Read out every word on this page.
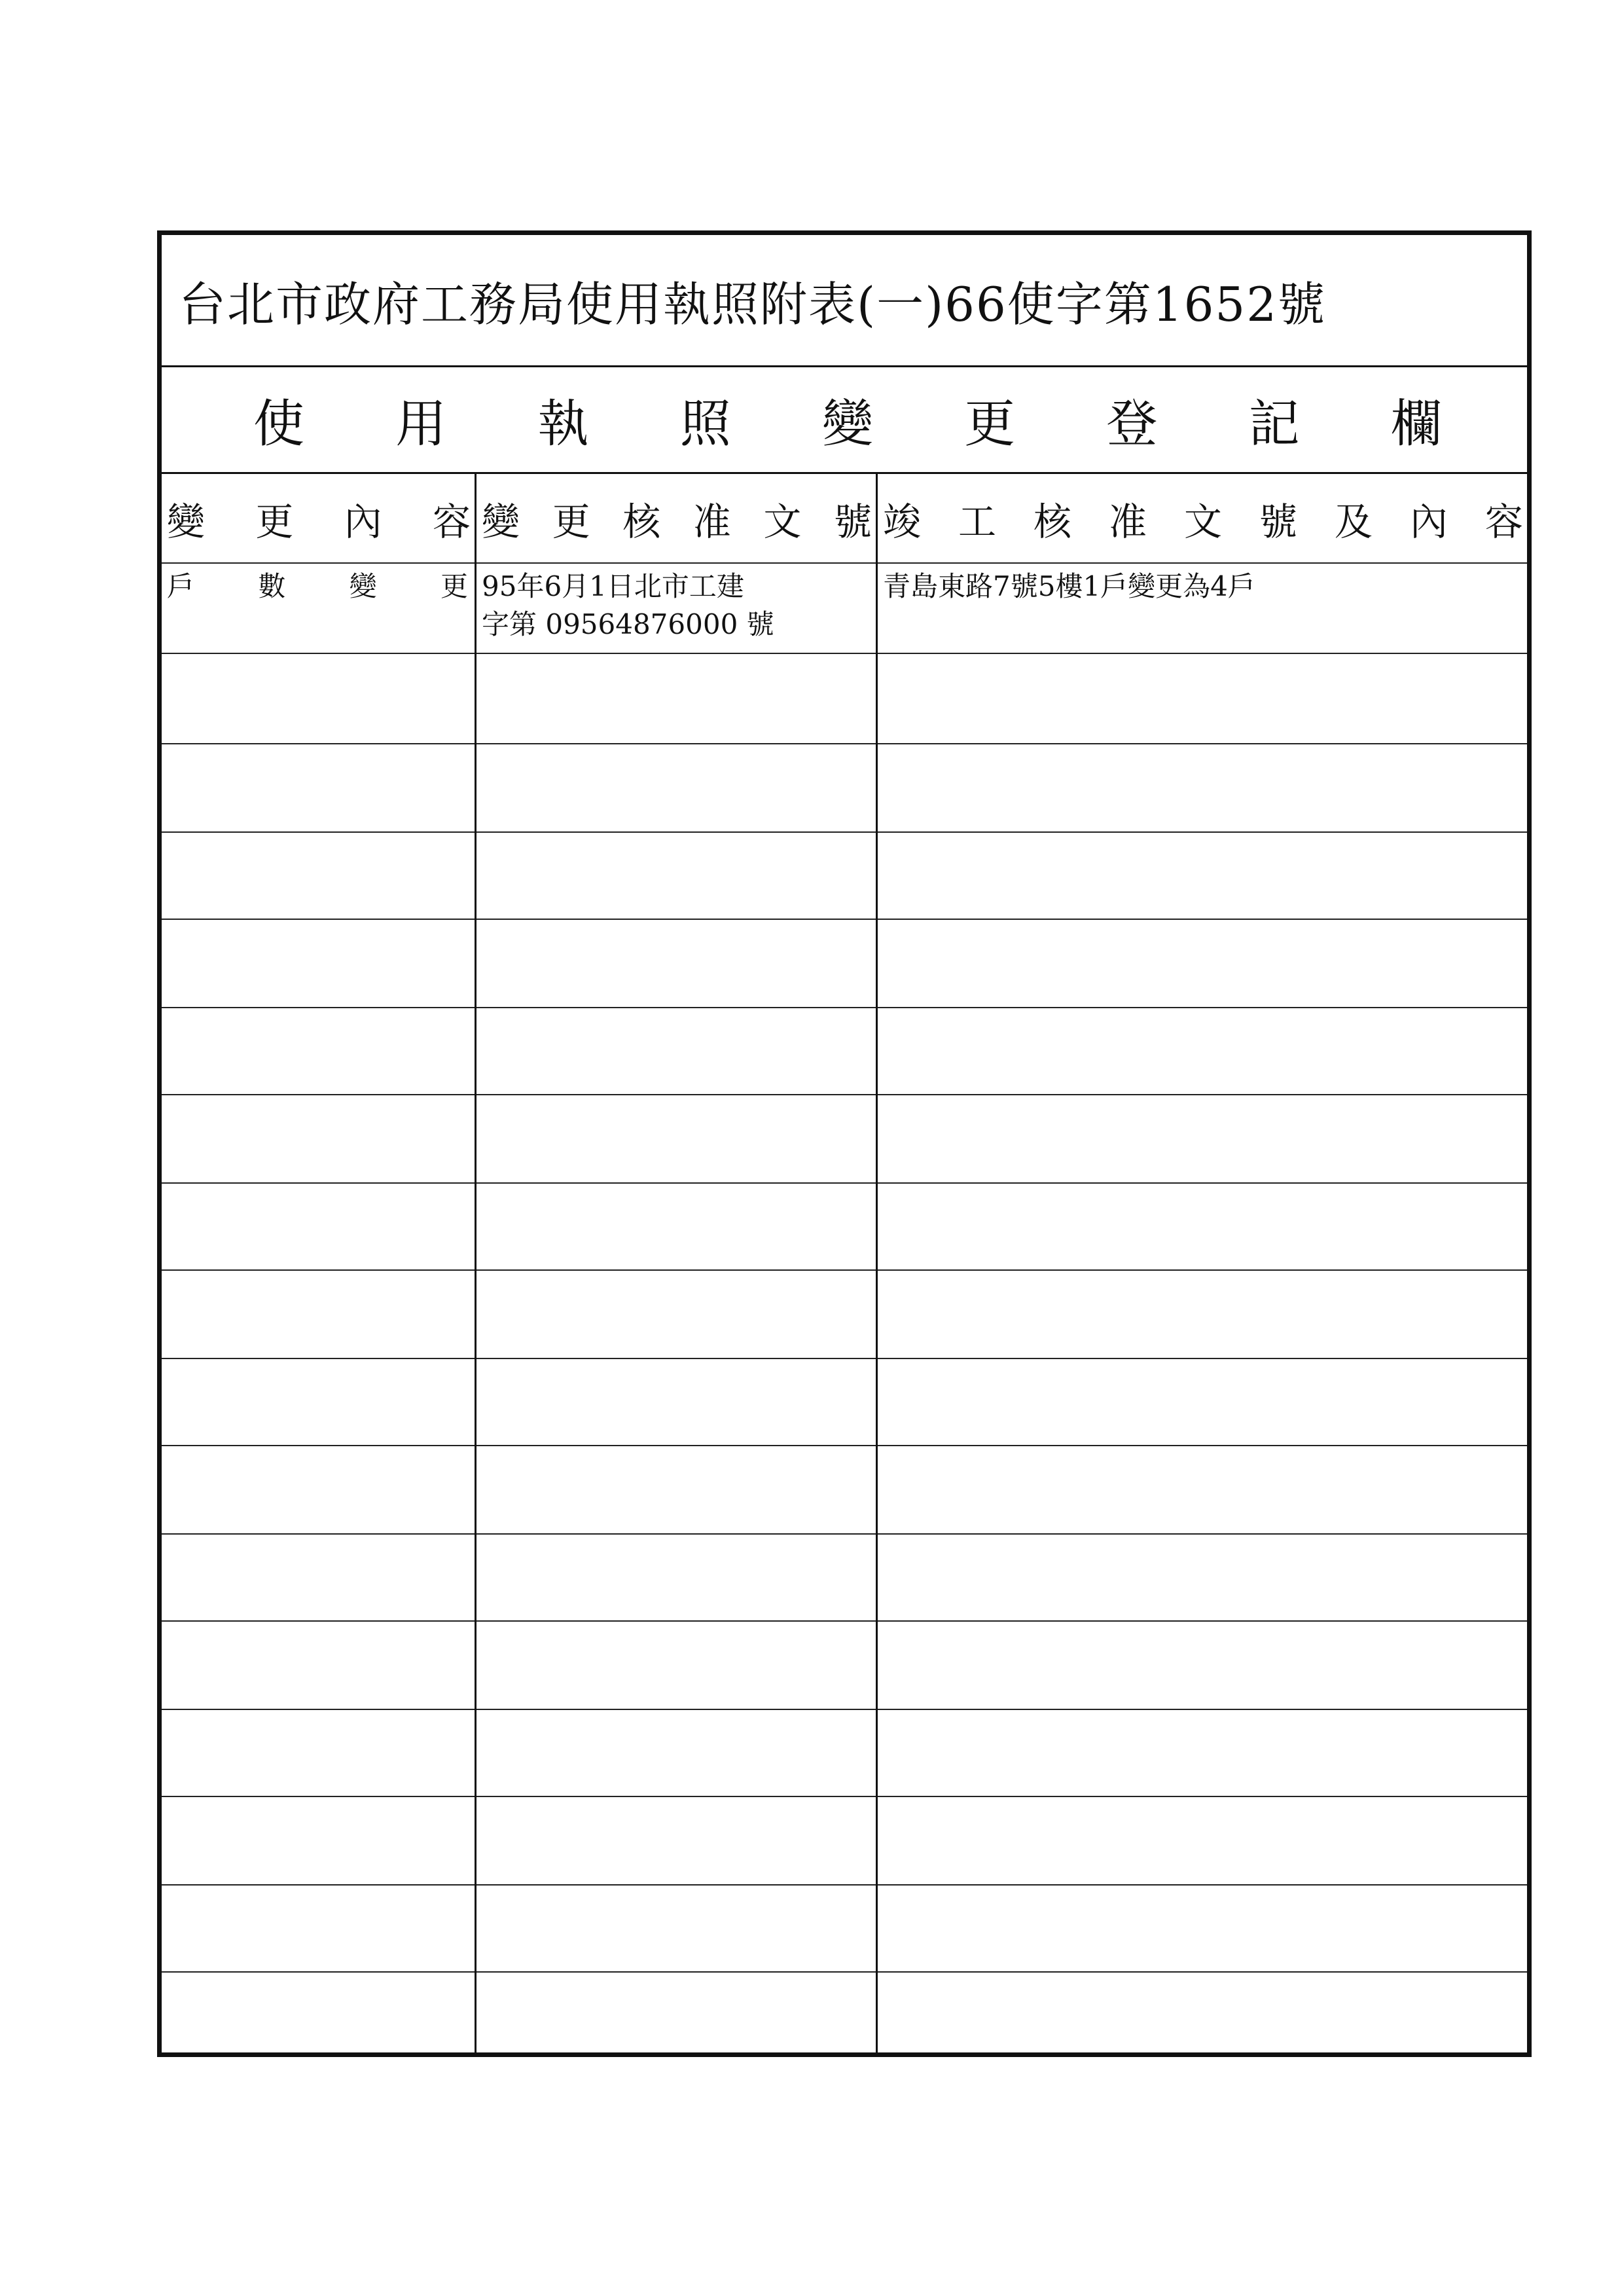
台北市政府工務局使用執照附表(一)66使字第1652號
使 用 執 照 變 更 登 記 欄
變 更 內 容 變 更 核 准 文 號 竣 工 核 准 文 號 及 內 容
戶 數 變 更 95年6月1日北市工建
字第 09564876000 號
青島東路7號5樓1戶變更為4戶
